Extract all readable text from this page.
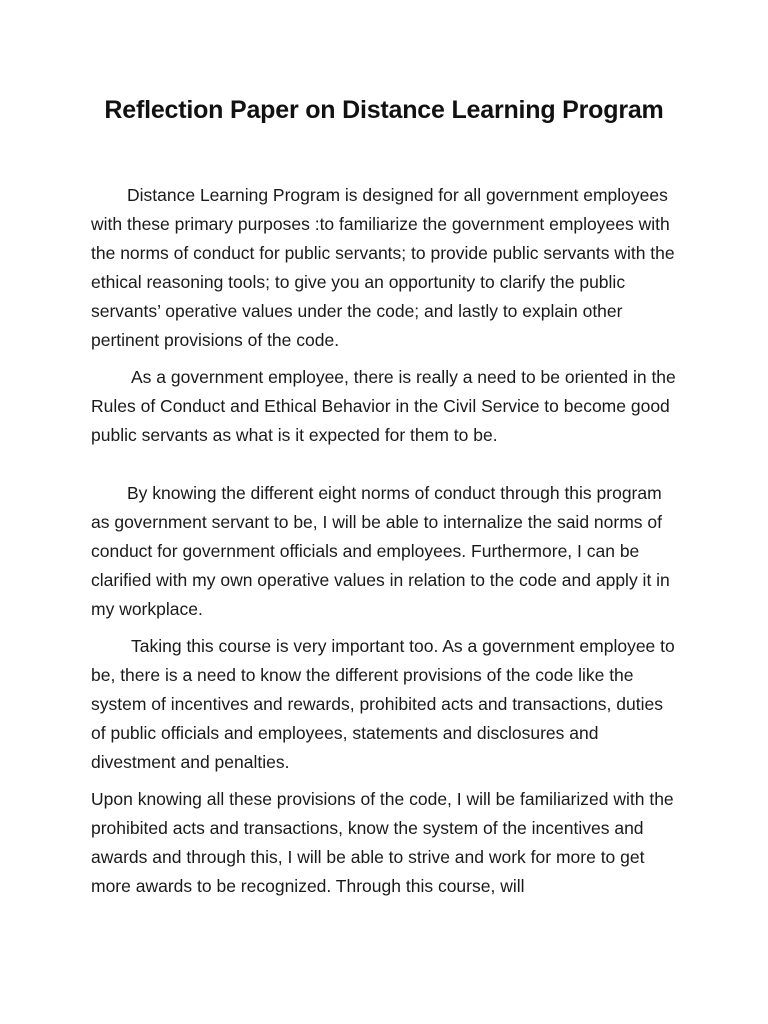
Reflection Paper on Distance Learning Program

Distance Learning Program is designed for all government employees with these primary purposes :to familiarize the government employees with the norms of conduct for public servants; to provide public servants with the ethical reasoning tools; to give you an opportunity to clarify the public servants’ operative values under the code; and lastly to explain other pertinent provisions of the code.

As a government employee, there is really a need to be oriented in the Rules of Conduct and Ethical Behavior in the Civil Service to become good public servants as what is it expected for them to be.

By knowing the different eight norms of conduct through this program as government servant to be, I will be able to internalize the said norms of conduct for government officials and employees. Furthermore, I can be clarified with my own operative values in relation to the code and apply it in my workplace.

Taking this course is very important too. As a government employee to be, there is a need to know the different provisions of the code like the system of incentives and rewards, prohibited acts and transactions, duties of public officials and employees, statements and disclosures and divestment and penalties.

Upon knowing all these provisions of the code, I will be familiarized with the prohibited acts and transactions, know the system of the incentives and awards and through this, I will be able to strive and work for more to get more awards to be recognized. Through this course, will
